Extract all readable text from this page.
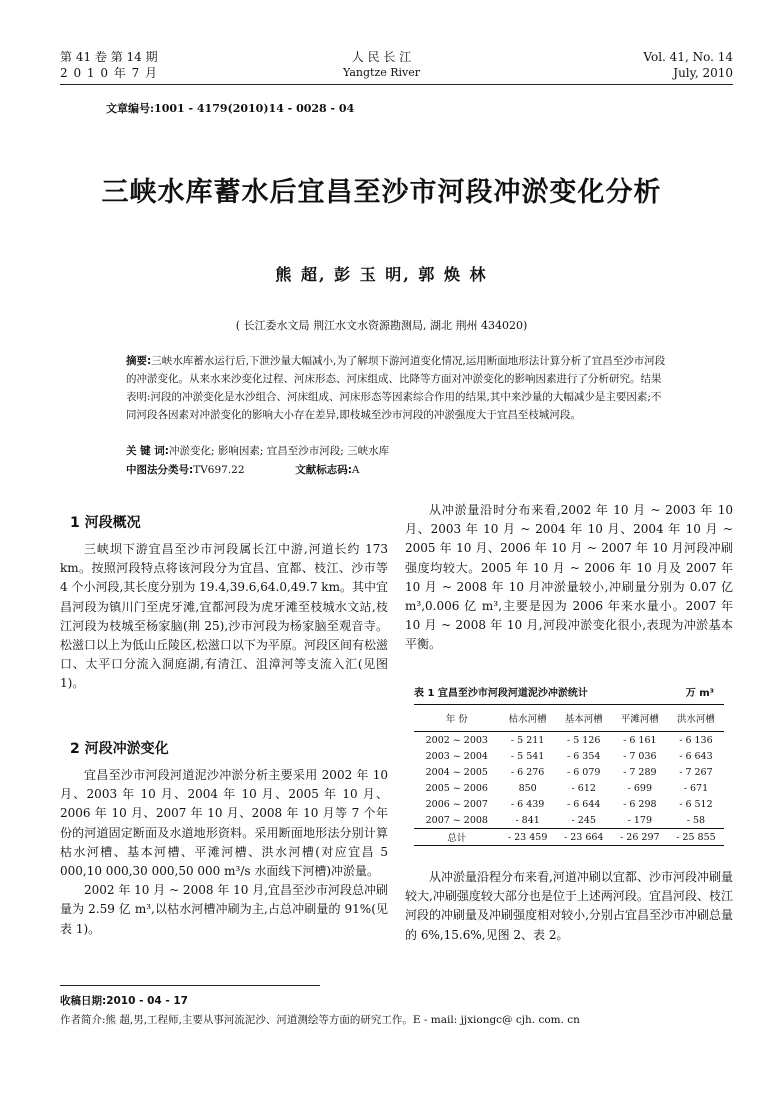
第 41 卷 第 14 期
2 0 1 0 年 7 月
人 民 长 江
Yangtze River
Vol. 41, No. 14
July, 2010
文章编号:1001 - 4179(2010)14 - 0028 - 04
三峡水库蓄水后宜昌至沙市河段冲淤变化分析
熊 超, 彭 玉 明, 郭 焕 林
( 长江委水文局 荆江水文水资源勘测局, 湖北 荆州 434020)
摘要:三峡水库蓄水运行后,下泄沙量大幅减小,为了解坝下游河道变化情况,运用断面地形法计算分析了宜昌至沙市河段的冲淤变化。从来水来沙变化过程、河床形态、河床组成、比降等方面对冲淤变化的影响因素进行了分析研究。结果表明:河段的冲淤变化是水沙组合、河床组成、河床形态等因素综合作用的结果,其中来沙量的大幅减少是主要因素;不同河段各因素对冲淤变化的影响大小存在差异,即枝城至沙市河段的冲淤强度大于宜昌至枝城河段。
关 键 词:冲淤变化; 影响因素; 宜昌至沙市河段; 三峡水库
中图法分类号:TV697.22	文献标志码:A
1 河段概况

三峡坝下游宜昌至沙市河段属长江中游,河道长约 173 km。按照河段特点将该河段分为宜昌、宜都、枝江、沙市等 4 个小河段,其长度分别为 19.4,39.6,64.0,49.7 km。其中宜昌河段为镇川门至虎牙滩,宜都河段为虎牙滩至枝城水文站,枝江河段为枝城至杨家脑(荆 25),沙市河段为杨家脑至观音寺。松滋口以上为低山丘陵区,松滋口以下为平原。河段区间有松滋口、太平口分流入洞庭湖,有清江、沮漳河等支流入汇(见图 1)。

2 河段冲淤变化

宜昌至沙市河段河道泥沙冲淤分析主要采用 2002 年 10 月、2003 年 10 月、2004 年 10 月、2005 年 10 月、2006 年 10 月、2007 年 10 月、2008 年 10 月等 7 个年份的河道固定断面及水道地形资料。采用断面地形法分别计算枯水河槽、基本河槽、平滩河槽、洪水河槽(对应宜昌 5 000,10 000,30 000,50 000 m³/s 水面线下河槽)冲淤量。

2002 年 10 月 ~ 2008 年 10 月,宜昌至沙市河段总冲刷量为 2.59 亿 m³,以枯水河槽冲刷为主,占总冲刷量的 91%(见表 1)。

从冲淤量沿时分布来看,2002 年 10 月 ~ 2003 年 10 月、2003 年 10 月 ~ 2004 年 10 月、2004 年 10 月 ~ 2005 年 10 月、2006 年 10 月 ~ 2007 年 10 月河段冲刷强度均较大。2005 年 10 月 ~ 2006 年 10 月及 2007 年 10 月 ~ 2008 年 10 月冲淤量较小,冲刷量分别为 0.07 亿 m³,0.006 亿 m³,主要是因为 2006 年来水量小。2007 年 10 月 ~ 2008 年 10 月,河段冲淤变化很小,表现为冲淤基本平衡。

表 1 宜昌至沙市河段河道泥沙冲淤统计	万 m³
年 份	枯水河槽	基本河槽	平滩河槽	洪水河槽
2002 ~ 2003	- 5 211	- 5 126	- 6 161	- 6 136
2003 ~ 2004	- 5 541	- 6 354	- 7 036	- 6 643
2004 ~ 2005	- 6 276	- 6 079	- 7 289	- 7 267
2005 ~ 2006	850	- 612	- 699	- 671
2006 ~ 2007	- 6 439	- 6 644	- 6 298	- 6 512
2007 ~ 2008	- 841	- 245	- 179	- 58
总计	- 23 459	- 23 664	- 26 297	- 25 855

从冲淤量沿程分布来看,河道冲刷以宜都、沙市河段冲刷量较大,冲刷强度较大部分也是位于上述两河段。宜昌河段、枝江河段的冲刷量及冲刷强度相对较小,分别占宜昌至沙市冲刷总量的 6%,15.6%,见图 2、表 2。

收稿日期:2010 - 04 - 17
作者简介:熊 超,男,工程师,主要从事河流泥沙、河道测绘等方面的研究工作。E - mail: jjxiongc@ cjh. com. cn
